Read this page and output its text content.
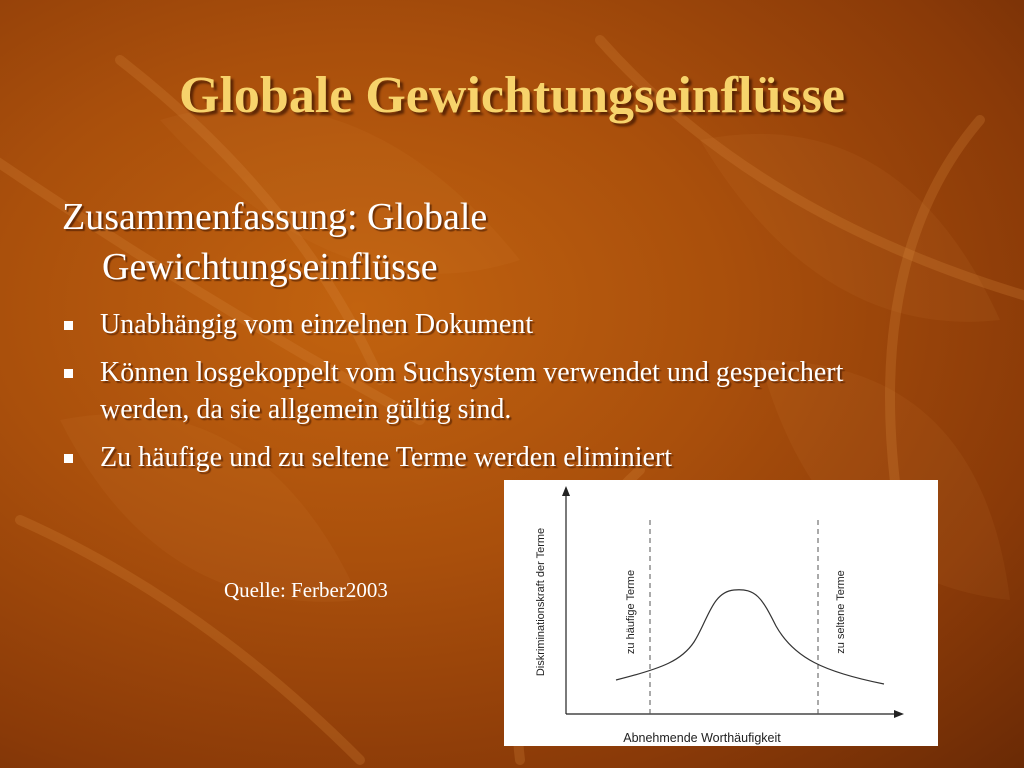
Globale Gewichtungseinflüsse
Zusammenfassung: Globale Gewichtungseinflüsse
Unabhängig vom einzelnen Dokument
Können losgekoppelt vom Suchsystem verwendet und gespeichert werden, da sie allgemein gültig sind.
Zu häufige und zu seltene Terme werden eliminiert
Quelle: Ferber2003	Diskriminationskraft der Terme
Abnehmende Worthäufigkeit
zu häufige Terme	zu seltene Terme
